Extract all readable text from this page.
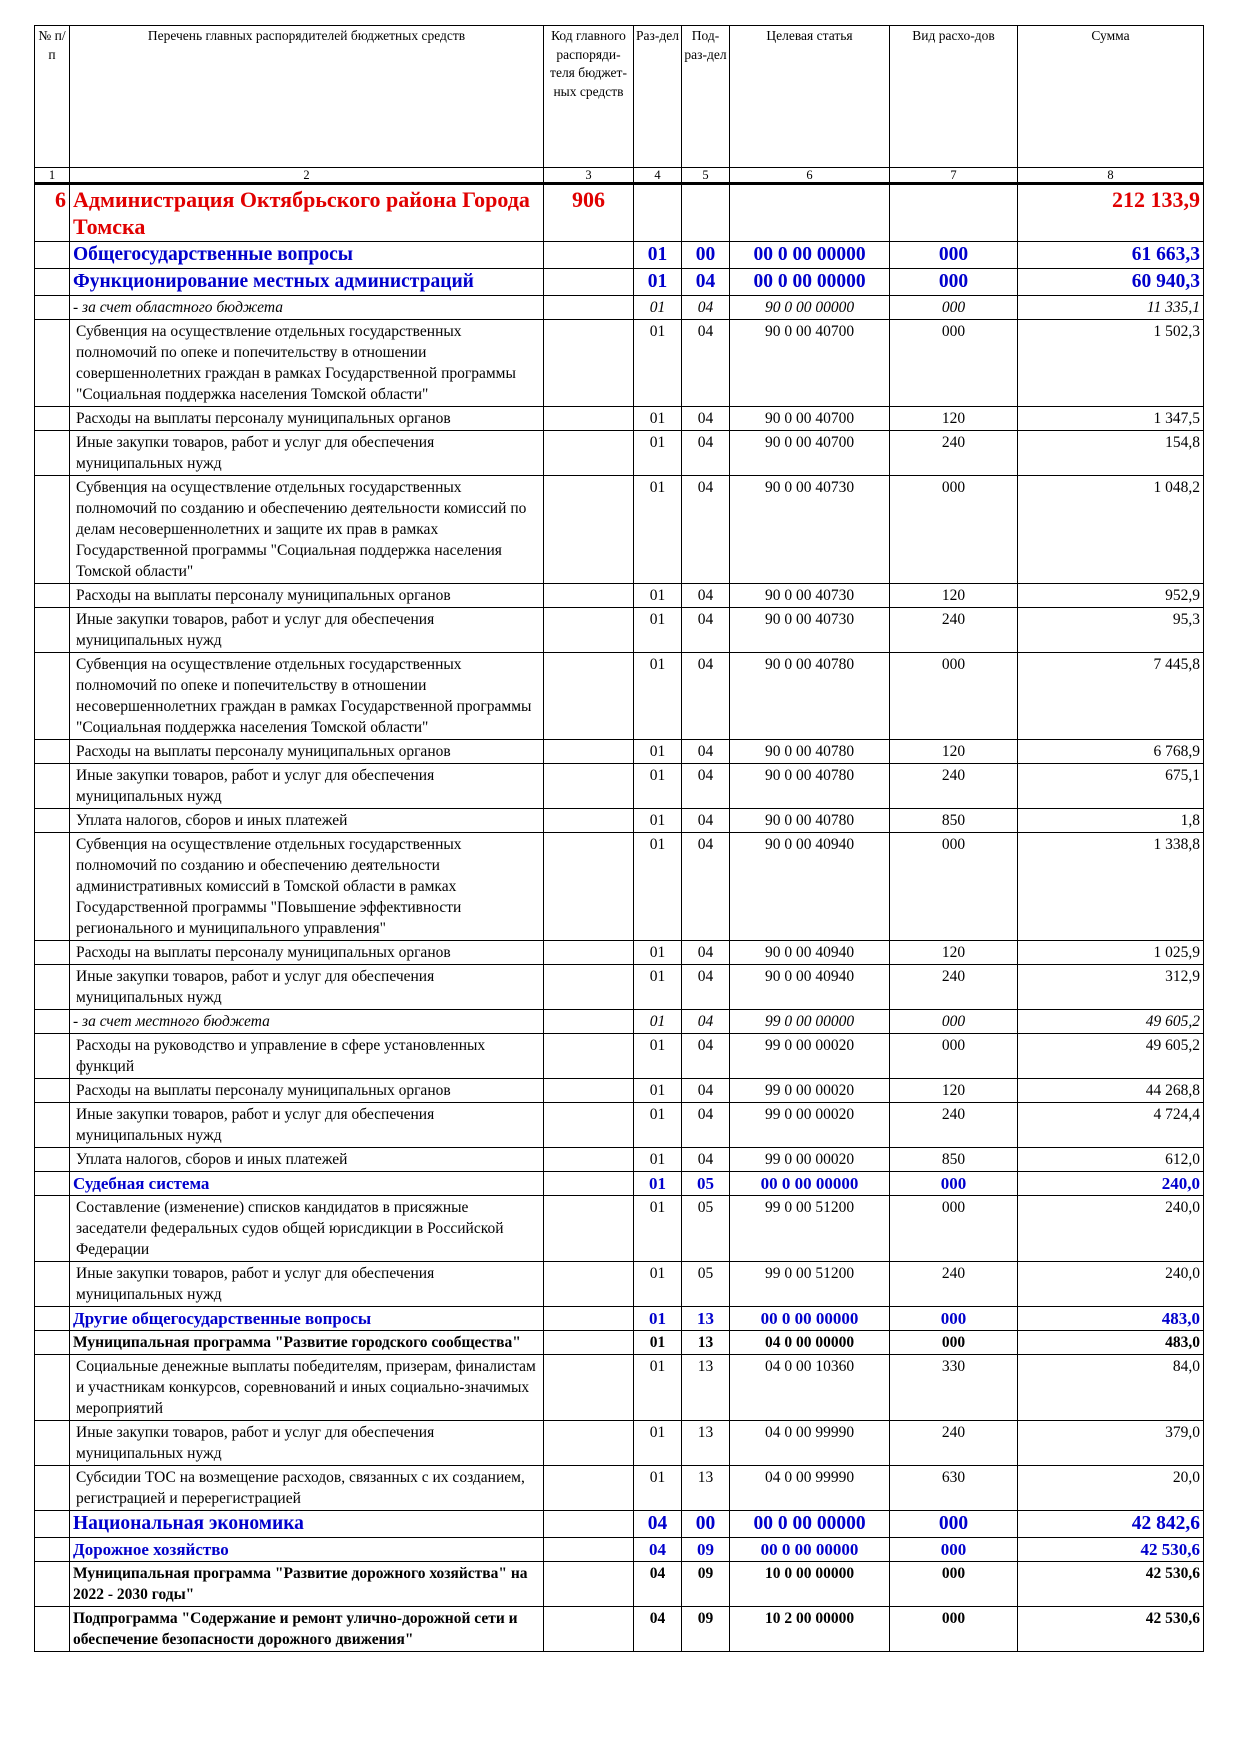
№ п/п	Перечень главных распорядителей бюджетных средств	Код главного распоряди-теля бюджет-ных средств	Раз-дел	Под-раз-дел	Целевая статья	Вид расхо-дов	Сумма
1	2	3	4	5	6	7	8
6	Администрация Октябрьского района Города Томска	906					212 133,9
	Общегосударственные вопросы		01	00	00 0 00 00000	000	61 663,3
	Функционирование местных администраций		01	04	00 0 00 00000	000	60 940,3
	- за счет областного бюджета		01	04	90 0 00 00000	000	11 335,1
	Субвенция на осуществление отдельных государственных полномочий по опеке и попечительству в отношении совершеннолетних граждан в рамках Государственной программы "Социальная поддержка населения Томской области"		01	04	90 0 00 40700	000	1 502,3
	Расходы на выплаты персоналу муниципальных органов		01	04	90 0 00 40700	120	1 347,5
	Иные закупки товаров, работ и услуг для обеспечения муниципальных нужд		01	04	90 0 00 40700	240	154,8
	Субвенция на осуществление отдельных государственных полномочий по созданию и обеспечению деятельности комиссий по делам несовершеннолетних и защите их прав в рамках Государственной программы "Социальная поддержка населения Томской области"		01	04	90 0 00 40730	000	1 048,2
	Расходы на выплаты персоналу муниципальных органов		01	04	90 0 00 40730	120	952,9
	Иные закупки товаров, работ и услуг для обеспечения муниципальных нужд		01	04	90 0 00 40730	240	95,3
	Субвенция на осуществление отдельных государственных полномочий по опеке и попечительству в отношении несовершеннолетних граждан в рамках Государственной программы "Социальная поддержка населения Томской области"		01	04	90 0 00 40780	000	7 445,8
	Расходы на выплаты персоналу муниципальных органов		01	04	90 0 00 40780	120	6 768,9
	Иные закупки товаров, работ и услуг для обеспечения муниципальных нужд		01	04	90 0 00 40780	240	675,1
	Уплата налогов, сборов и иных платежей		01	04	90 0 00 40780	850	1,8
	Субвенция на осуществление отдельных государственных полномочий по созданию и обеспечению деятельности административных комиссий в Томской области в рамках Государственной программы "Повышение эффективности регионального и муниципального управления"		01	04	90 0 00 40940	000	1 338,8
	Расходы на выплаты персоналу муниципальных органов		01	04	90 0 00 40940	120	1 025,9
	Иные закупки товаров, работ и услуг для обеспечения муниципальных нужд		01	04	90 0 00 40940	240	312,9
	- за счет местного бюджета		01	04	99 0 00 00000	000	49 605,2
	Расходы на руководство и управление в сфере установленных функций		01	04	99 0 00 00020	000	49 605,2
	Расходы на выплаты персоналу муниципальных органов		01	04	99 0 00 00020	120	44 268,8
	Иные закупки товаров, работ и услуг для обеспечения муниципальных нужд		01	04	99 0 00 00020	240	4 724,4
	Уплата налогов, сборов и иных платежей		01	04	99 0 00 00020	850	612,0
	Судебная система		01	05	00 0 00 00000	000	240,0
	Составление (изменение) списков кандидатов в присяжные заседатели федеральных судов общей юрисдикции в Российской Федерации		01	05	99 0 00 51200	000	240,0
	Иные закупки товаров, работ и услуг для обеспечения муниципальных нужд		01	05	99 0 00 51200	240	240,0
	Другие общегосударственные вопросы		01	13	00 0 00 00000	000	483,0
	Муниципальная программа "Развитие городского сообщества"		01	13	04 0 00 00000	000	483,0
	Социальные денежные выплаты победителям, призерам, финалистам и участникам конкурсов, соревнований и иных социально-значимых мероприятий		01	13	04 0 00 10360	330	84,0
	Иные закупки товаров, работ и услуг для обеспечения муниципальных нужд		01	13	04 0 00 99990	240	379,0
	Субсидии ТОС на возмещение расходов, связанных с их созданием, регистрацией и перерегистрацией		01	13	04 0 00 99990	630	20,0
	Национальная экономика		04	00	00 0 00 00000	000	42 842,6
	Дорожное хозяйство		04	09	00 0 00 00000	000	42 530,6
	Муниципальная программа "Развитие дорожного хозяйства" на 2022 - 2030 годы"		04	09	10 0 00 00000	000	42 530,6
	Подпрограмма "Содержание и ремонт улично-дорожной сети и обеспечение безопасности дорожного движения"		04	09	10 2 00 00000	000	42 530,6
